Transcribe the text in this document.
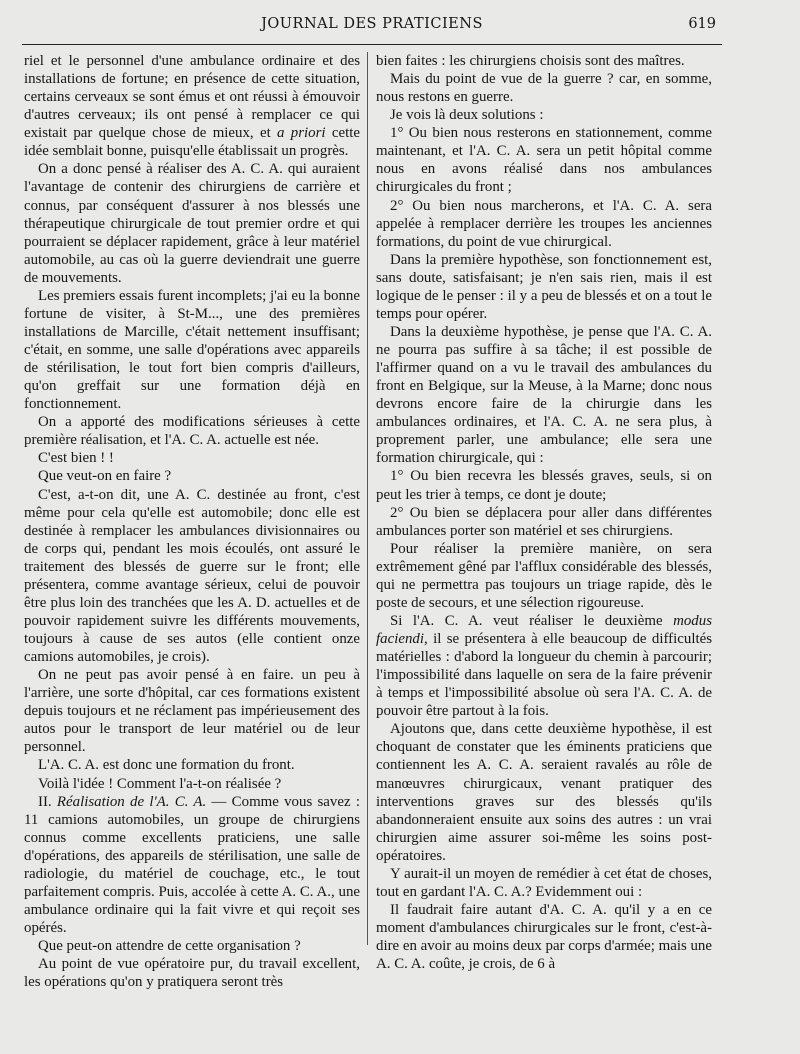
JOURNAL DES PRATICIENS	619

riel et le personnel d'une ambulance ordinaire et des installations de fortune; en présence de cette situation, certains cerveaux se sont émus et ont réussi à émouvoir d'autres cerveaux; ils ont pensé à remplacer ce qui existait par quelque chose de mieux, et a priori cette idée semblait bonne, puisqu'elle établissait un progrès.

On a donc pensé à réaliser des A. C. A. qui auraient l'avantage de contenir des chirurgiens de carrière et connus, par conséquent d'assurer à nos blessés une thérapeutique chirurgicale de tout premier ordre et qui pourraient se déplacer rapidement, grâce à leur matériel automobile, au cas où la guerre deviendrait une guerre de mouvements.

Les premiers essais furent incomplets; j'ai eu la bonne fortune de visiter, à St-M..., une des premières installations de Marcille, c'était nettement insuffisant; c'était, en somme, une salle d'opérations avec appareils de stérilisation, le tout fort bien compris d'ailleurs, qu'on greffait sur une formation déjà en fonctionnement.

On a apporté des modifications sérieuses à cette première réalisation, et l'A. C. A. actuelle est née.

C'est bien ! !

Que veut-on en faire ?

C'est, a-t-on dit, une A. C. destinée au front, c'est même pour cela qu'elle est automobile; donc elle est destinée à remplacer les ambulances divisionnaires ou de corps qui, pendant les mois écoulés, ont assuré le traitement des blessés de guerre sur le front; elle présentera, comme avantage sérieux, celui de pouvoir être plus loin des tranchées que les A. D. actuelles et de pouvoir rapidement suivre les différents mouvements, toujours à cause de ses autos (elle contient onze camions automobiles, je crois).

On ne peut pas avoir pensé à en faire. un peu à l'arrière, une sorte d'hôpital, car ces formations existent depuis toujours et ne réclament pas impérieusement des autos pour le transport de leur matériel ou de leur personnel.

L'A. C. A. est donc une formation du front.

Voilà l'idée ! Comment l'a-t-on réalisée ?

II. Réalisation de l'A. C. A. — Comme vous savez : 11 camions automobiles, un groupe de chirurgiens connus comme excellents praticiens, une salle d'opérations, des appareils de stérilisation, une salle de radiologie, du matériel de couchage, etc., le tout parfaitement compris. Puis, accolée à cette A. C. A., une ambulance ordinaire qui la fait vivre et qui reçoit ses opérés.

Que peut-on attendre de cette organisation ?

Au point de vue opératoire pur, du travail excellent, les opérations qu'on y pratiquera seront très

bien faites : les chirurgiens choisis sont des maîtres.

Mais du point de vue de la guerre ? car, en somme, nous restons en guerre.

Je vois là deux solutions :

1° Ou bien nous resterons en stationnement, comme maintenant, et l'A. C. A. sera un petit hôpital comme nous en avons réalisé dans nos ambulances chirurgicales du front ;

2° Ou bien nous marcherons, et l'A. C. A. sera appelée à remplacer derrière les troupes les anciennes formations, du point de vue chirurgical.

Dans la première hypothèse, son fonctionnement est, sans doute, satisfaisant; je n'en sais rien, mais il est logique de le penser : il y a peu de blessés et on a tout le temps pour opérer.

Dans la deuxième hypothèse, je pense que l'A. C. A. ne pourra pas suffire à sa tâche; il est possible de l'affirmer quand on a vu le travail des ambulances du front en Belgique, sur la Meuse, à la Marne; donc nous devrons encore faire de la chirurgie dans les ambulances ordinaires, et l'A. C. A. ne sera plus, à proprement parler, une ambulance; elle sera une formation chirurgicale, qui :

1° Ou bien recevra les blessés graves, seuls, si on peut les trier à temps, ce dont je doute;

2° Ou bien se déplacera pour aller dans différentes ambulances porter son matériel et ses chirurgiens.

Pour réaliser la première manière, on sera extrêmement gêné par l'afflux considérable des blessés, qui ne permettra pas toujours un triage rapide, dès le poste de secours, et une sélection rigoureuse.

Si l'A. C. A. veut réaliser le deuxième modus faciendi, il se présentera à elle beaucoup de difficultés matérielles : d'abord la longueur du chemin à parcourir; l'impossibilité dans laquelle on sera de la faire prévenir à temps et l'impossibilité absolue où sera l'A. C. A. de pouvoir être partout à la fois.

Ajoutons que, dans cette deuxième hypothèse, il est choquant de constater que les éminents praticiens que contiennent les A. C. A. seraient ravalés au rôle de manœuvres chirurgicaux, venant pratiquer des interventions graves sur des blessés qu'ils abandonneraient ensuite aux soins des autres : un vrai chirurgien aime assurer soi-même les soins post-opératoires.

Y aurait-il un moyen de remédier à cet état de choses, tout en gardant l'A. C. A.? Evidemment oui :

Il faudrait faire autant d'A. C. A. qu'il y a en ce moment d'ambulances chirurgicales sur le front, c'est-à-dire en avoir au moins deux par corps d'armée; mais une A. C. A. coûte, je crois, de 6 à
